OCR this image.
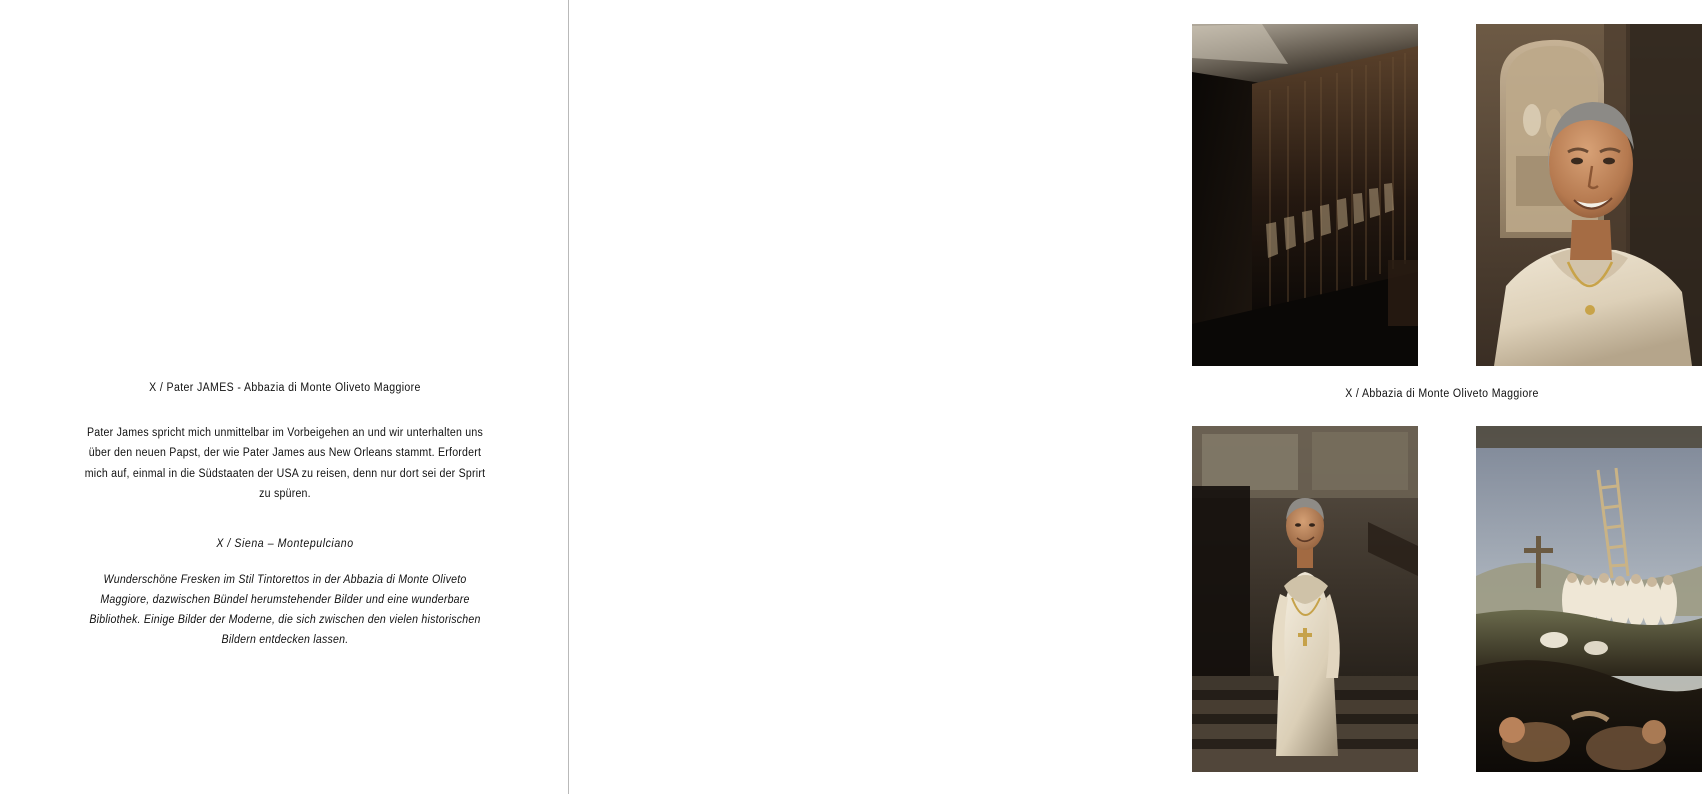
X / Pater JAMES - Abbazia di Monte Oliveto Maggiore

Pater James spricht mich unmittelbar im Vorbeigehen an und wir unterhalten uns über den neuen Papst, der wie Pater James aus New Orleans stammt. Erfordert mich auf, einmal in die Südstaaten der USA zu reisen, denn nur dort sei der Sprirt zu spüren.

X / Siena – Montepulciano

Wunderschöne Fresken im Stil Tintorettos in der Abbazia di Monte Oliveto Maggiore, dazwischen Bündel herumstehender Bilder und eine wunderbare Bibliothek. Einige Bilder der Moderne, die sich zwischen den vielen historischen Bildern entdecken lassen.

X / Abbazia di Monte Oliveto Maggiore
